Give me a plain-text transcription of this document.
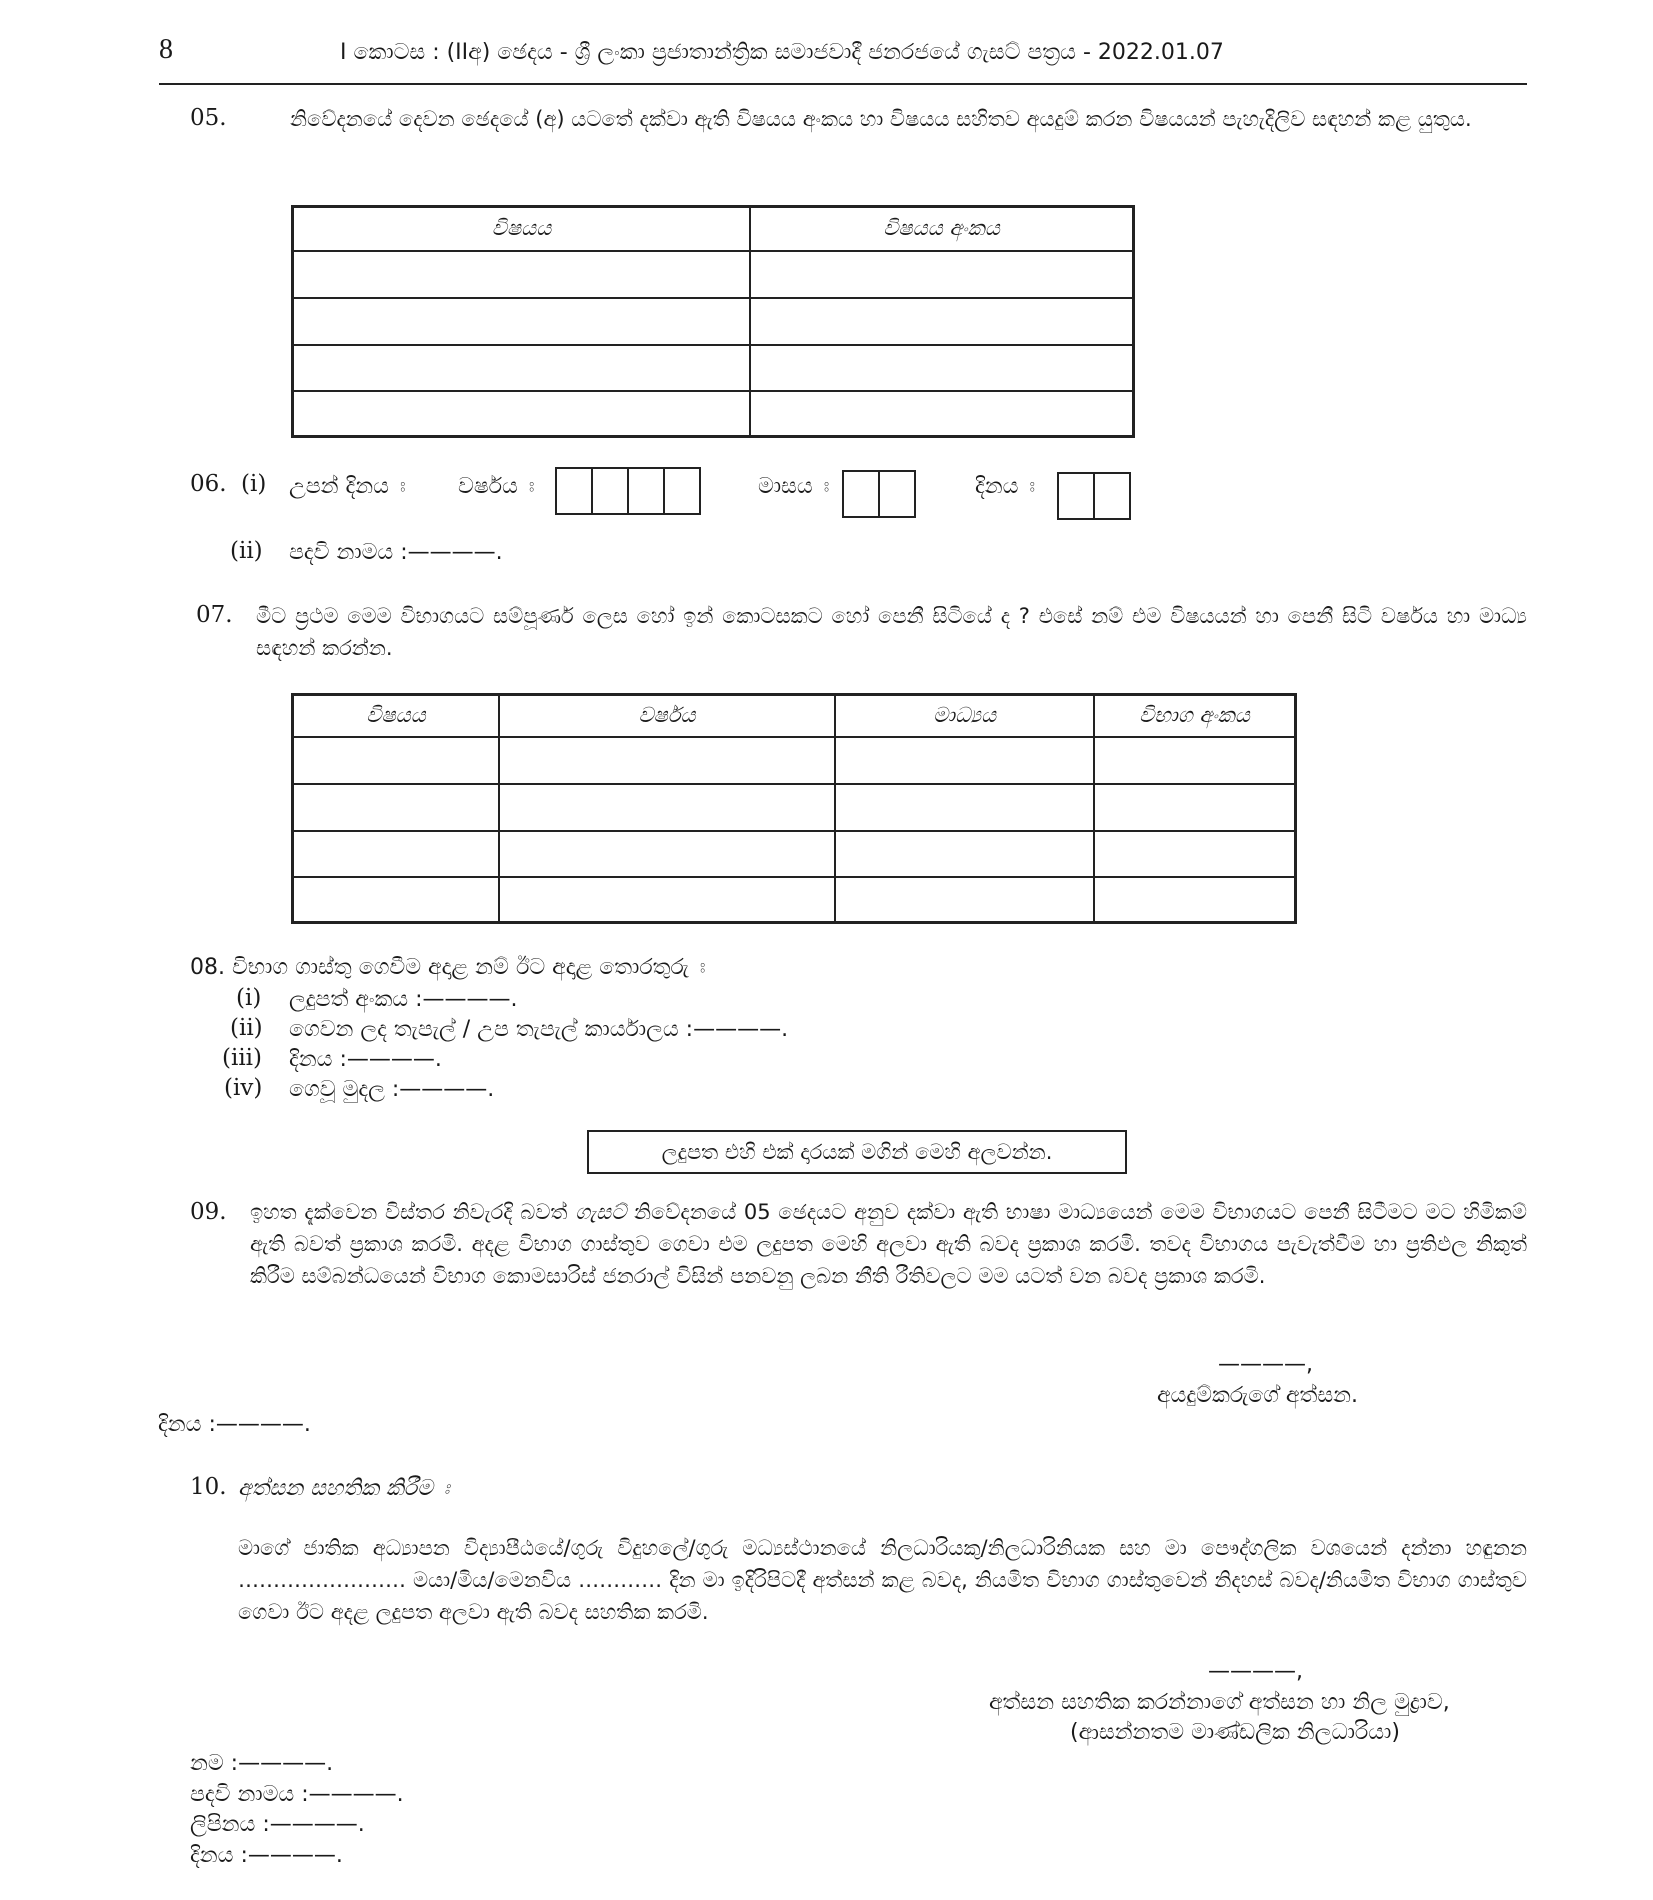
8	I කොටස : (IIඅ) ඡෙදය - ශ්‍රී ලංකා ප්‍රජාතාන්ත්‍රික සමාජවාදී ජනරජයේ ගැසට් පත්‍රය - 2022.01.07
05.	නිවේදනයේ දෙවන ඡෙදයේ (අ) යටතේ දක්වා ඇති විෂයය අංකය හා විෂයය සහිතව අයදුම් කරන විෂයයන් පැහැදිලිව සඳහන් කළ යුතුය.
විෂයය	විෂයය අංකය

06. (i) උපන් දිනය ඃ වර්ෂය ඃ	මාසය ඃ	දිනය ඃ
(ii) පදවි නාමය :————.
07. මීට ප්‍රථම මෙම විභාගයට සම්පූර්ණ ලෙස හෝ ඉන් කොටසකට හෝ පෙනී සිටියේ ද ? එසේ නම් එම විෂයයන් හා පෙනී සිටි වර්ෂය හා මාධ්‍ය සඳහන් කරන්න.
විෂයය	වර්ෂය	මාධ්‍යය	විභාග අංකය

08. විභාග ගාස්තු ගෙවීම අදාළ නම් ඊට අදාළ තොරතුරු ඃ
(i) ලදුපත් අංකය :————.
(ii) ගෙවන ලද තැපැල් / උප තැපැල් කාර්යාලය :————.
(iii) දිනය :————.
(iv) ගෙවූ මුදල :————.
ලදුපත එහි එක් දාරයක් මගින් මෙහි අලවන්න.
09. ඉහත දැක්වෙන විස්තර නිවැරදි බවත් ගැසට් නිවේදනයේ 05 ඡෙදයට අනුව දක්වා ඇති භාෂා මාධ්‍යයෙන් මෙම විභාගයට පෙනී සිටීමට මට හිමිකම් ඇති බවත් ප්‍රකාශ කරමි. අදළ විභාග ගාස්තුව ගෙවා එම ලදුපත මෙහි අලවා ඇති බවද ප්‍රකාශ කරමි. තවද විභාගය පැවැත්වීම හා ප්‍රතිඵල නිකුත් කිරීම සම්බන්ධයෙන් විභාග කොමසාරිස් ජනරාල් විසින් පනවනු ලබන නීති රීතිවලට මම යටත් වන බවද ප්‍රකාශ කරමි.
————,
අයදුම්කරුගේ අත්සන.
දිනය :————.
10. අත්සන සහතික කිරීම ඃ
මාගේ ජාතික අධ්‍යාපන විද්‍යාපීඨයේ/ගුරු විදුහලේ/ගුරු මධ්‍යස්ථානයේ නිලධාරියකු/නිලධාරිනියක සහ මා පෞද්ගලික වශයෙන් දන්නා හඳුනන …………………… මයා/මිය/මෙනවිය ………… දින මා ඉදිරිපිටදී අත්සන් කළ බවද, නියමිත විභාග ගාස්තුවෙන් නිදහස් බවද/නියමිත විභාග ගාස්තුව ගෙවා ඊට අදළ ලදුපත අලවා ඇති බවද සහතික කරමි.
————,
අත්සන සහතික කරන්නාගේ අත්සන හා නිල මුද්‍රාව,
(ආසන්නතම මාණ්ඩලික නිලධාරියා)
නම :————.
පදවි නාමය :————.
ලිපිනය :————.
දිනය :————.
